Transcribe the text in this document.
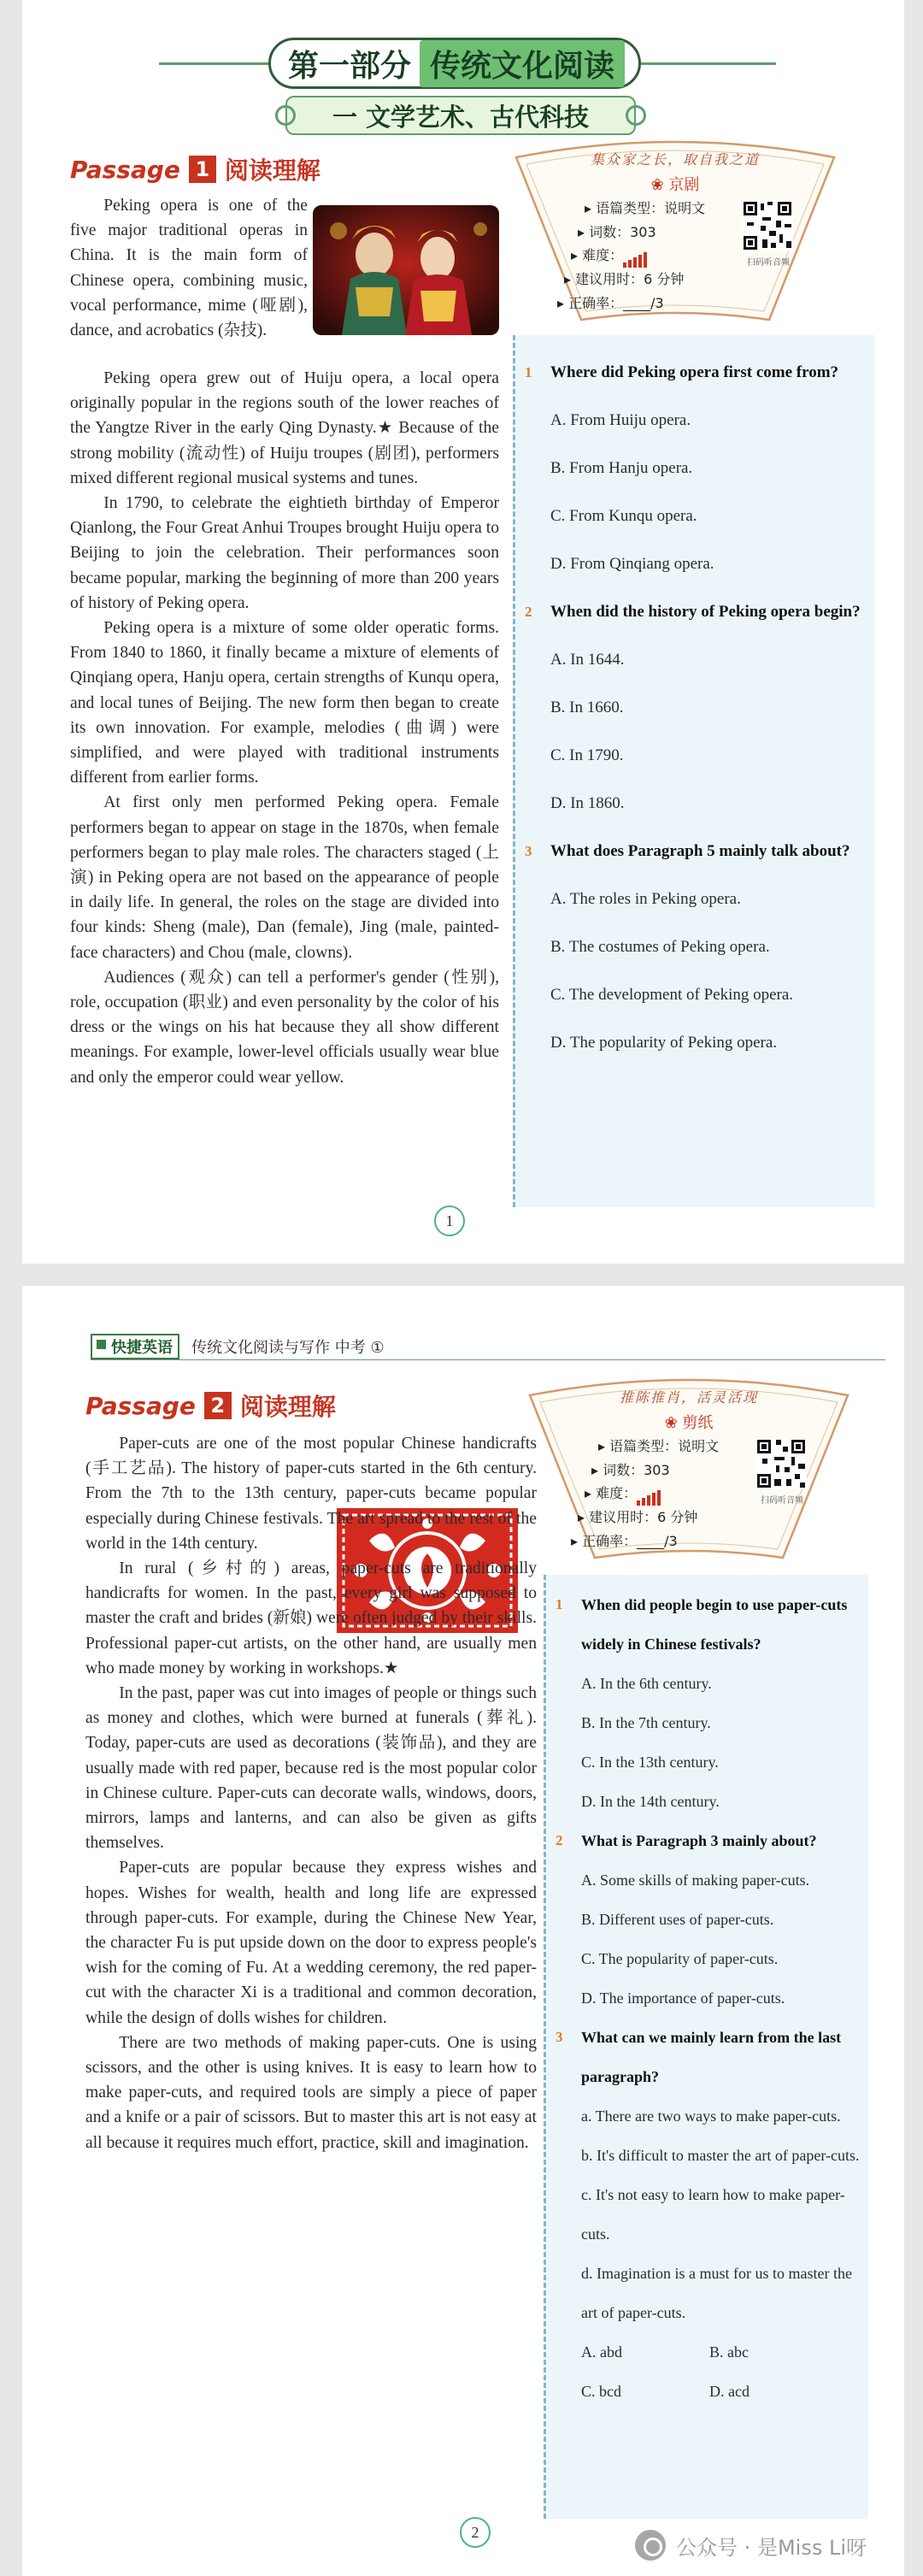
第一部分 传统文化阅读
一 文学艺术、古代科技
Passage 1 阅读理解	集众家之长，取自我之道
❀ 京剧
▸ 语篇类型：说明文
▸ 词数：303
▸ 难度：
▸ 建议用时：6 分钟
▸ 正确率：____/3
扫码听音频

Peking opera is one of the five major traditional operas in China. It is the main form of Chinese opera, combining music, vocal performance, mime (哑剧), dance, and acrobatics (杂技).

Peking opera grew out of Huiju opera, a local opera originally popular in the regions south of the lower reaches of the Yangtze River in the early Qing Dynasty.★ Because of the strong mobility (流动性) of Huiju troupes (剧团), performers mixed different regional musical systems and tunes.

In 1790, to celebrate the eightieth birthday of Emperor Qianlong, the Four Great Anhui Troupes brought Huiju opera to Beijing to join the celebration. Their performances soon became popular, marking the beginning of more than 200 years of history of Peking opera.

Peking opera is a mixture of some older operatic forms. From 1840 to 1860, it finally became a mixture of elements of Qinqiang opera, Hanju opera, certain strengths of Kunqu opera, and local tunes of Beijing. The new form then began to create its own innovation. For example, melodies (曲调) were simplified, and were played with traditional instruments different from earlier forms.

At first only men performed Peking opera. Female performers began to appear on stage in the 1870s, when female performers began to play male roles. The characters staged (上演) in Peking opera are not based on the appearance of people in daily life. In general, the roles on the stage are divided into four kinds: Sheng (male), Dan (female), Jing (male, painted-face characters) and Chou (male, clowns).

Audiences (观众) can tell a performer's gender (性别), role, occupation (职业) and even personality by the color of his dress or the wings on his hat because they all show different meanings. For example, lower-level officials usually wear blue and only the emperor could wear yellow.

1	Where did Peking opera first come from?
A. From Huiju opera.
B. From Hanju opera.
C. From Kunqu opera.
D. From Qinqiang opera.
2	When did the history of Peking opera begin?
A. In 1644.
B. In 1660.
C. In 1790.
D. In 1860.
3	What does Paragraph 5 mainly talk about?
A. The roles in Peking opera.
B. The costumes of Peking opera.
C. The development of Peking opera.
D. The popularity of Peking opera.
1
快捷英语	传统文化阅读与写作 中考 ①
Passage 2 阅读理解	推陈推肖，活灵活现
❀ 剪纸
▸ 语篇类型：说明文
▸ 词数：303
▸ 难度：
▸ 建议用时：6 分钟
▸ 正确率：____/3
扫码听音频

Paper-cuts are one of the most popular Chinese handicrafts (手工艺品). The history of paper-cuts started in the 6th century. From the 7th to the 13th century, paper-cuts became popular especially during Chinese festivals. The art spread to the rest of the world in the 14th century.

In rural (乡村的) areas, paper-cuts are traditionally handicrafts for women. In the past, every girl was supposed to master the craft and brides (新娘) were often judged by their skills. Professional paper-cut artists, on the other hand, are usually men who made money by working in workshops.★

In the past, paper was cut into images of people or things such as money and clothes, which were burned at funerals (葬礼). Today, paper-cuts are used as decorations (装饰品), and they are usually made with red paper, because red is the most popular color in Chinese culture. Paper-cuts can decorate walls, windows, doors, mirrors, lamps and lanterns, and can also be given as gifts themselves.

Paper-cuts are popular because they express wishes and hopes. Wishes for wealth, health and long life are expressed through paper-cuts. For example, during the Chinese New Year, the character Fu is put upside down on the door to express people's wish for the coming of Fu. At a wedding ceremony, the red paper-cut with the character Xi is a traditional and common decoration, while the design of dolls wishes for children.

There are two methods of making paper-cuts. One is using scissors, and the other is using knives. It is easy to learn how to make paper-cuts, and required tools are simply a piece of paper and a knife or a pair of scissors. But to master this art is not easy at all because it requires much effort, practice, skill and imagination.

1	When did people begin to use paper-cuts widely in Chinese festivals?
A. In the 6th century.
B. In the 7th century.
C. In the 13th century.
D. In the 14th century.
2	What is Paragraph 3 mainly about?
A. Some skills of making paper-cuts.
B. Different uses of paper-cuts.
C. The popularity of paper-cuts.
D. The importance of paper-cuts.
3	What can we mainly learn from the last paragraph?
a. There are two ways to make paper-cuts.
b. It's difficult to master the art of paper-cuts.
c. It's not easy to learn how to make paper-cuts.
d. Imagination is a must for us to master the art of paper-cuts.
A. abd	B. abc
C. bcd	D. acd
2
公众号 · 是Miss Li呀
